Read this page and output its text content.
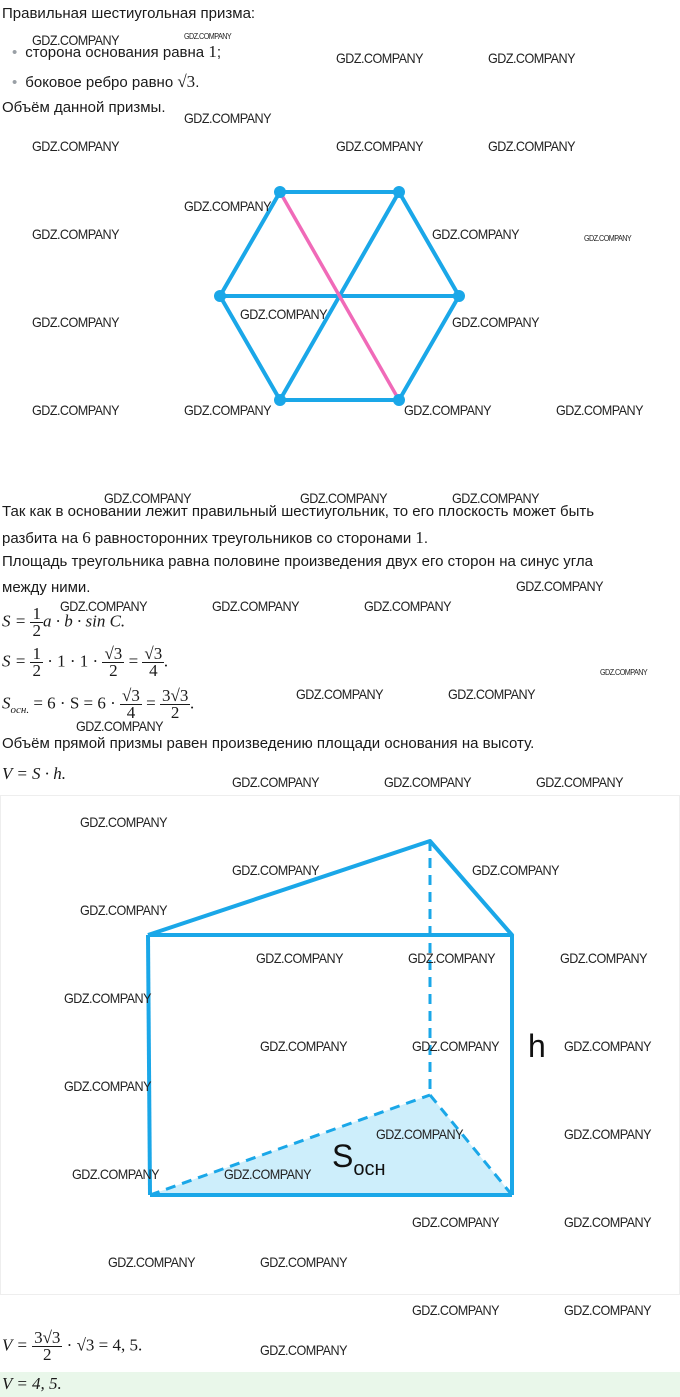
Правильная шестиугольная призма:
• сторона основания равна 1;
• боковое ребро равно √3.
Объём данной призмы.
Так как в основании лежит правильный шестиугольник, то его плоскость может быть
разбита на 6 равносторонних треугольников со сторонами 1.
Площадь треугольника равна половине произведения двух его сторон на синус угла
между ними.
$S = \frac{1}{2}$ a · b · sin C.
$S = \frac{1}{2} \cdot 1 \cdot 1 \cdot \frac{√3}{2} = \frac{√3}{4}$ .
$S_{осн.} = 6 \cdot S = 6 \cdot \frac{√3}{4} = \frac{3√3}{2}$ .
Объём прямой призмы равен произведению площади основания на высоту.
V = S · h.
h
$S_{осн}$
$V = \frac{3√3}{2} \cdot √3 = 4$, 5.
V = 4, 5.
GDZ.COMPANY	GDZ.COMPANY
GDZ.COMPANY	GDZ.COMPANY
GDZ.COMPANY
GDZ.COMPANY	GDZ.COMPANY	GDZ.COMPANY
GDZ.COMPANY
GDZ.COMPANY	GDZ.COMPANY	GDZ.COMPANY
GDZ.COMPANY
GDZ.COMPANY	GDZ.COMPANY
GDZ.COMPANY	GDZ.COMPANY	GDZ.COMPANY	GDZ.COMPANY
GDZ.COMPANY	GDZ.COMPANY	GDZ.COMPANY
GDZ.COMPANY
GDZ.COMPANY	GDZ.COMPANY	GDZ.COMPANY
GDZ.COMPANY
GDZ.COMPANY	GDZ.COMPANY
GDZ.COMPANY
GDZ.COMPANY	GDZ.COMPANY	GDZ.COMPANY
GDZ.COMPANY
GDZ.COMPANY	GDZ.COMPANY
GDZ.COMPANY
GDZ.COMPANY	GDZ.COMPANY	GDZ.COMPANY
GDZ.COMPANY
GDZ.COMPANY	GDZ.COMPANY	GDZ.COMPANY
GDZ.COMPANY
GDZ.COMPANY	GDZ.COMPANY
GDZ.COMPANY	GDZ.COMPANY
GDZ.COMPANY	GDZ.COMPANY
GDZ.COMPANY	GDZ.COMPANY
GDZ.COMPANY	GDZ.COMPANY
GDZ.COMPANY
